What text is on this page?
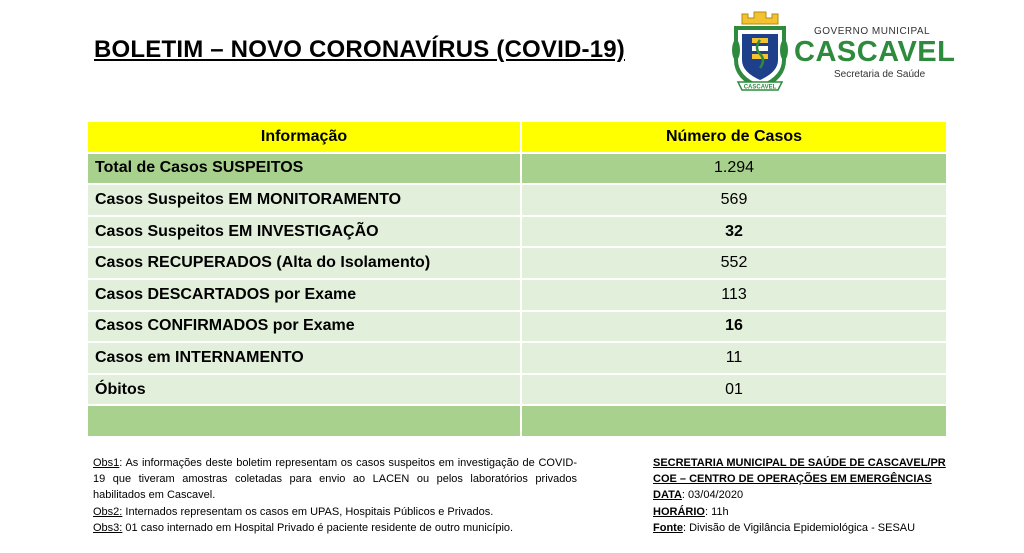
BOLETIM – NOVO CORONAVÍRUS (COVID-19)
CASCAVEL
GOVERNO MUNICIPAL
CASCAVEL
Secretaria de Saúde
Informação	Número de Casos
Total de Casos SUSPEITOS	1.294
Casos Suspeitos EM MONITORAMENTO	569
Casos Suspeitos EM INVESTIGAÇÃO	32
Casos RECUPERADOS (Alta do Isolamento)	552
Casos DESCARTADOS por Exame	113
Casos CONFIRMADOS por Exame	16
Casos em INTERNAMENTO	11
Óbitos	01

Obs1: As informações deste boletim representam os casos suspeitos em investigação de COVID-19 que tiveram amostras coletadas para envio ao LACEN ou pelos laboratórios privados habilitados em Cascavel.

Obs2: Internados representam os casos em UPAS, Hospitais Públicos e Privados.

Obs3: 01 caso internado em Hospital Privado é paciente residente de outro município.

SECRETARIA MUNICIPAL DE SAÚDE DE CASCAVEL/PR

COE – CENTRO DE OPERAÇÕES EM EMERGÊNCIAS

DATA: 03/04/2020

HORÁRIO: 11h

Fonte: Divisão de Vigilância Epidemiológica - SESAU
